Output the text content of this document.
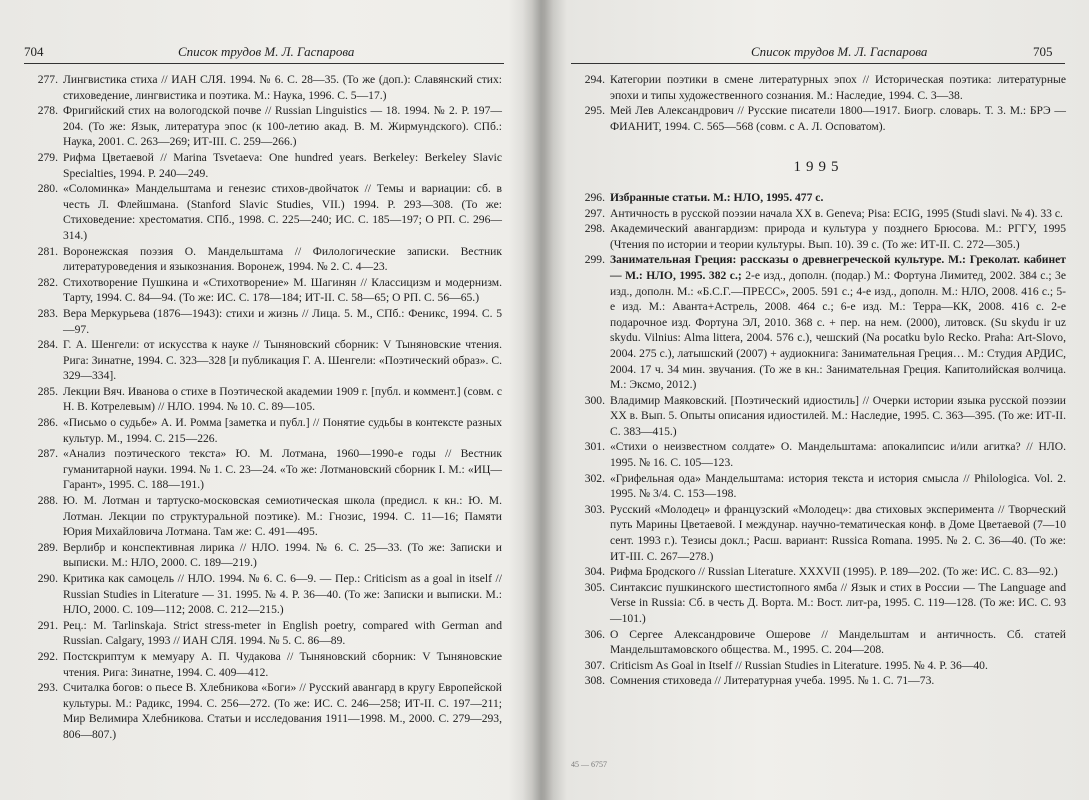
704	Список трудов М. Л. Гаспарова
277. Лингвистика стиха // ИАН СЛЯ. 1994. № 6. С. 28—35. (То же (доп.): Славянский стих: стиховедение, лингвистика и поэтика. М.: Наука, 1996. С. 5—17.)
278. Фригийский стих на вологодской почве // Russian Linguistics — 18. 1994. № 2. P. 197—204. (То же: Язык, литература эпос (к 100-летию акад. В. М. Жирмундского). СПб.: Наука, 2001. С. 263—269; ИТ-III. С. 259—266.)
279. Рифма Цветаевой // Marina Tsvetaeva: One hundred years. Berkeley: Berkeley Slavic Specialties, 1994. P. 240—249.
280. «Соломинка» Мандельштама и генезис стихов-двойчаток // Темы и вариации: сб. в честь Л. Флейшмана. (Stanford Slavic Studies, VII.) 1994. P. 293—308. (То же: Стиховедение: хрестоматия. СПб., 1998. С. 225—240; ИС. С. 185—197; О РП. С. 296—314.)
281. Воронежская поэзия О. Мандельштама // Филологические записки. Вестник литературоведения и языкознания. Воронеж, 1994. № 2. С. 4—23.
282. Стихотворение Пушкина и «Стихотворение» М. Шагинян // Классицизм и модернизм. Тарту, 1994. С. 84—94. (То же: ИС. С. 178—184; ИТ-II. С. 58—65; О РП. С. 56—65.)
283. Вера Меркурьева (1876—1943): стихи и жизнь // Лица. 5. М., СПб.: Феникс, 1994. С. 5—97.
284. Г. А. Шенгели: от искусства к науке // Тыняновский сборник: V Тыняновские чтения. Рига: Зинатне, 1994. С. 323—328 [и публикация Г. А. Шенгели: «Поэтический образ». С. 329—334].
285. Лекции Вяч. Иванова о стихе в Поэтической академии 1909 г. [публ. и коммент.] (совм. с Н. В. Котрелевым) // НЛО. 1994. № 10. С. 89—105.
286. «Письмо о судьбе» А. И. Ромма [заметка и публ.] // Понятие судьбы в контексте разных культур. М., 1994. С. 215—226.
287. «Анализ поэтического текста» Ю. М. Лотмана, 1960—1990-е годы // Вестник гуманитарной науки. 1994. № 1. С. 23—24. «То же: Лотмановский сборник I. М.: «ИЦ—Гарант», 1995. С. 188—191.)
288. Ю. М. Лотман и тартуско-московская семиотическая школа (предисл. к кн.: Ю. М. Лотман. Лекции по структуральной поэтике). М.: Гнозис, 1994. С. 11—16; Памяти Юрия Михайловича Лотмана. Там же: С. 491—495.
289. Верлибр и конспективная лирика // НЛО. 1994. № 6. С. 25—33. (То же: Записки и выписки. М.: НЛО, 2000. С. 189—219.)
290. Критика как самоцель // НЛО. 1994. № 6. С. 6—9. — Пер.: Criticism as a goal in itself // Russian Studies in Literature — 31. 1995. № 4. P. 36—40. (То же: Записки и выписки. М.: НЛО, 2000. С. 109—112; 2008. С. 212—215.)
291. Рец.: M. Tarlinskaja. Strict stress-meter in English poetry, compared with German and Russian. Calgary, 1993 // ИАН СЛЯ. 1994. № 5. С. 86—89.
292. Постскриптум к мемуару А. П. Чудакова // Тыняновский сборник: V Тыняновские чтения. Рига: Зинатне, 1994. С. 409—412.
293. Считалка богов: о пьесе В. Хлебникова «Боги» // Русский авангард в кругу Европейской культуры. М.: Радикс, 1994. С. 256—272. (То же: ИС. С. 246—258; ИТ-II. С. 197—211; Мир Велимира Хлебникова. Статьи и исследования 1911—1998. М., 2000. С. 279—293, 806—807.)
Список трудов М. Л. Гаспарова	705
294. Категории поэтики в смене литературных эпох // Историческая поэтика: литературные эпохи и типы художественного сознания. М.: Наследие, 1994. С. 3—38.
295. Мей Лев Александрович // Русские писатели 1800—1917. Биогр. словарь. Т. 3. М.: БРЭ — ФИАНИТ, 1994. С. 565—568 (совм. с А. Л. Осповатом).
1995
296. Избранные статьи. М.: НЛО, 1995. 477 с.
297. Античность в русской поэзии начала XX в. Geneva; Pisa: ECIG, 1995 (Studi slavi. № 4). 33 с.
298. Академический авангардизм: природа и культура у позднего Брюсова. М.: РГГУ, 1995 (Чтения по истории и теории культуры. Вып. 10). 39 с. (То же: ИТ-II. С. 272—305.)
299. Занимательная Греция: рассказы о древнегреческой культуре. М.: Греколат. кабинет — М.: НЛО, 1995. 382 с.; 2-е изд., дополн. (подар.) М.: Фортуна Лимитед, 2002. 384 с.; 3е изд., дополн. М.: «Б.С.Г.—ПРЕСС», 2005. 591 с.; 4-е изд., дополн. М.: НЛО, 2008. 416 с.; 5-е изд. М.: Аванта+Астрель, 2008. 464 с.; 6-е изд. М.: Терра—КК, 2008. 416 с. 2-е подарочное изд. Фортуна ЭЛ, 2010. 368 с. + пер. на нем. (2000), литовск. (Su skydu ir uz skydu. Vilnius: Alma littera, 2004. 576 с.), чешский (Na pocatku bylo Recko. Praha: Art-Slovo, 2004. 275 с.), латышский (2007) + аудиокнига: Занимательная Греция… М.: Студия АРДИС, 2004. 17 ч. 34 мин. звучания. (То же в кн.: Занимательная Греция. Капитолийская волчица. М.: Эксмо, 2012.)
300. Владимир Маяковский. [Поэтический идиостиль] // Очерки истории языка русской поэзии XX в. Вып. 5. Опыты описания идиостилей. М.: Наследие, 1995. С. 363—395. (То же: ИТ-II. С. 383—415.)
301. «Стихи о неизвестном солдате» О. Мандельштама: апокалипсис и/или агитка? // НЛО. 1995. № 16. С. 105—123.
302. «Грифельная ода» Мандельштама: история текста и история смысла // Philologica. Vol. 2. 1995. № 3/4. С. 153—198.
303. Русский «Молодец» и французский «Молодец»: два стиховых эксперимента // Творческий путь Марины Цветаевой. I междунар. научно-тематическая конф. в Доме Цветаевой (7—10 сент. 1993 г.). Тезисы докл.; Расш. вариант: Russica Romana. 1995. № 2. С. 36—40. (То же: ИТ-III. С. 267—278.)
304. Рифма Бродского // Russian Literature. XXXVII (1995). P. 189—202. (То же: ИС. С. 83—92.)
305. Синтаксис пушкинского шестистопного ямба // Язык и стих в России — The Language and Verse in Russia: Сб. в честь Д. Ворта. М.: Вост. лит-ра, 1995. С. 119—128. (То же: ИС. С. 93—101.)
306. О Сергее Александровиче Ошерове // Мандельштам и античность. Сб. статей Мандельштамовского общества. М., 1995. С. 204—208.
307. Criticism As Goal in Itself // Russian Studies in Literature. 1995. № 4. P. 36—40.
308. Сомнения стиховеда // Литературная учеба. 1995. № 1. С. 71—73.
45 — 6757
